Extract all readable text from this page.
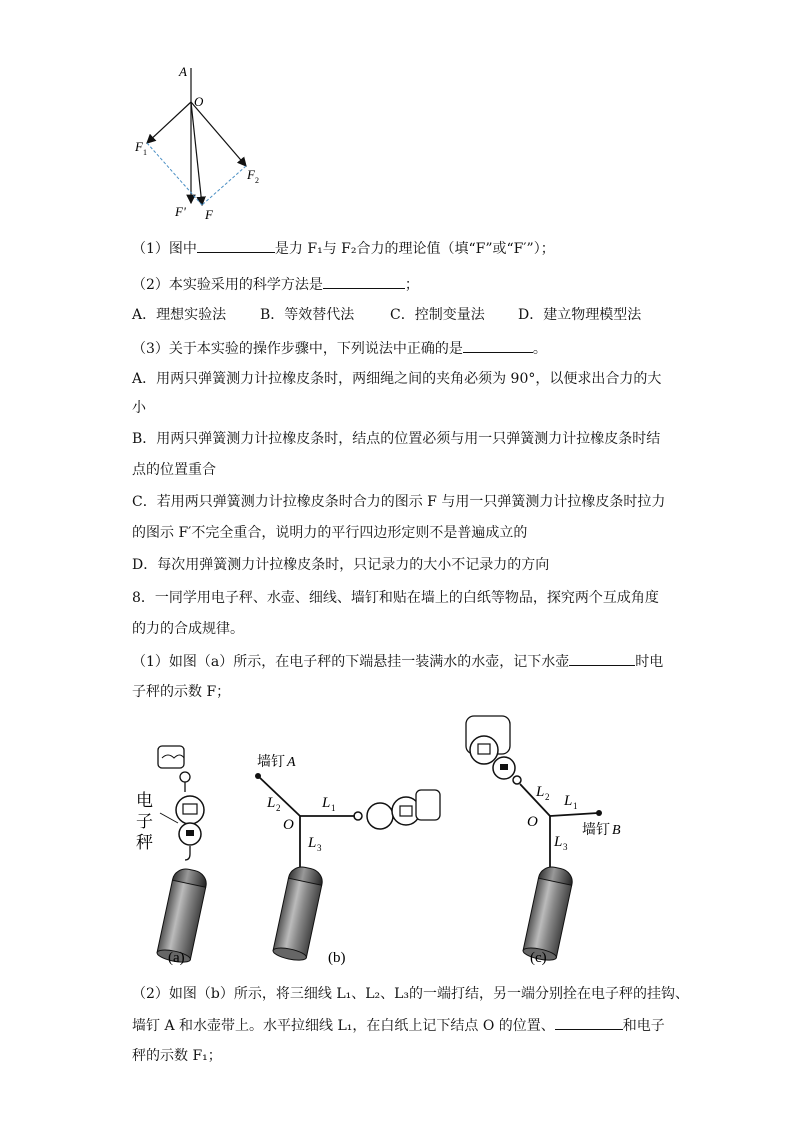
A
O
F 1
F 2
F' F
（1）图中	是力 F₁与 F₂合力的理论值（填“F”或“F′”）；
（2）本实验采用的科学方法是	；
A．理想实验法 B．等效替代法	C．控制变量法 D．建立物理模型法
（3）关于本实验的操作步骤中，下列说法中正确的是	。
A．用两只弹簧测力计拉橡皮条时，两细绳之间的夹角必须为 90°，以便求出合力的大
小
B．用两只弹簧测力计拉橡皮条时，结点的位置必须与用一只弹簧测力计拉橡皮条时结
点的位置重合
C．若用两只弹簧测力计拉橡皮条时合力的图示 F 与用一只弹簧测力计拉橡皮条时拉力
的图示 F′不完全重合，说明力的平行四边形定则不是普遍成立的
D．每次用弹簧测力计拉橡皮条时，只记录力的大小不记录力的方向
8．一同学用电子秤、水壶、细线、墙钉和贴在墙上的白纸等物品，探究两个互成角度
的力的合成规律。
（1）如图（a）所示，在电子秤的下端悬挂一装满水的水壶，记下水壶	时电
子秤的示数 F；
电
子
秤
(a)
墙钉 A
L 2	L 1
O
L 3
(b)
L 2 L 1
O
L 3
墙钉 B
(c)
（2）如图（b）所示，将三细线 L₁、L₂、L₃的一端打结，另一端分别拴在电子秤的挂钩、
墙钉 A 和水壶带上。水平拉细线 L₁，在白纸上记下结点 O 的位置、	和电子
秤的示数 F₁；
